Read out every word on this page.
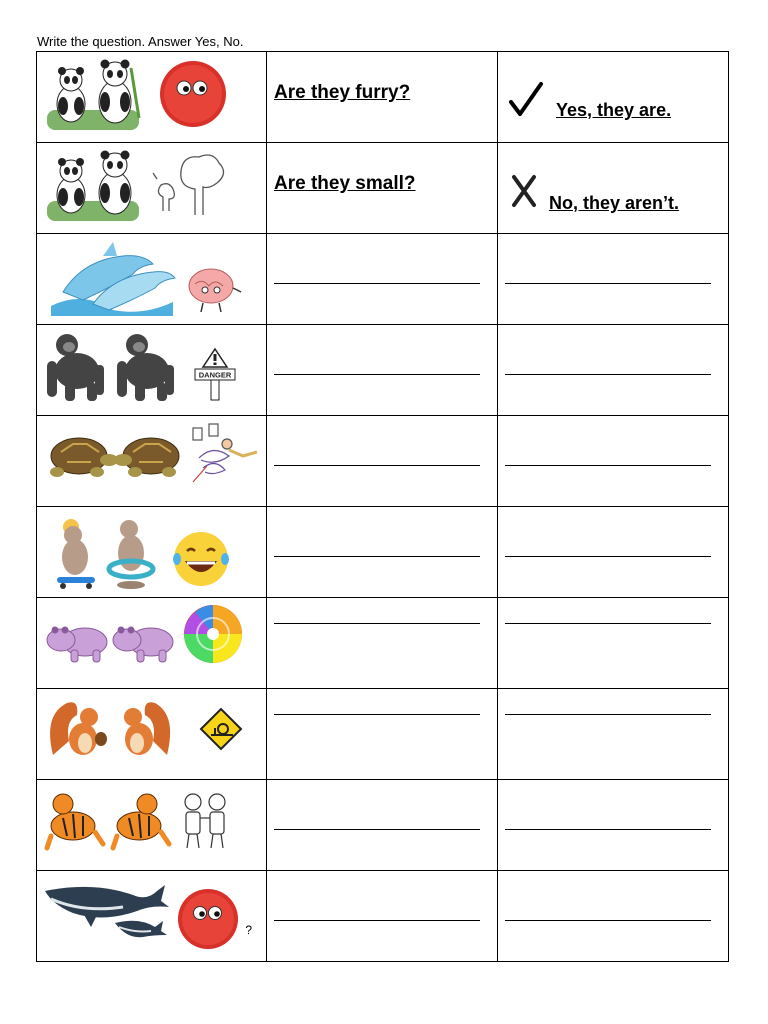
Write the question. Answer Yes, No.

Are they furry?	Yes, they are.

Are they small?	No, they aren’t.

DANGER		

?		
